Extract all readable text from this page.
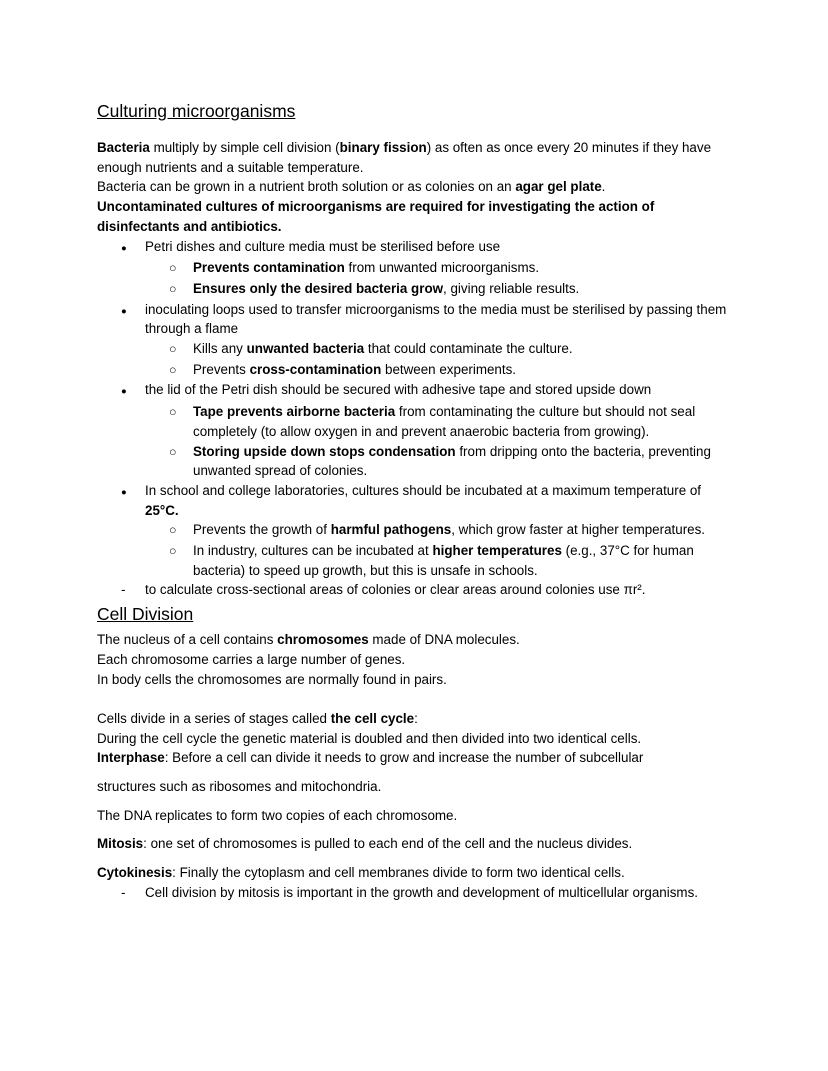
Culturing microorganisms

Bacteria multiply by simple cell division (binary fission) as often as once every 20 minutes if they have enough nutrients and a suitable temperature.

Bacteria can be grown in a nutrient broth solution or as colonies on an agar gel plate.

Uncontaminated cultures of microorganisms are required for investigating the action of disinfectants and antibiotics.

●	Petri dishes and culture media must be sterilised before use
○	Prevents contamination from unwanted microorganisms.
○	Ensures only the desired bacteria grow, giving reliable results.
●	inoculating loops used to transfer microorganisms to the media must be sterilised by passing them through a flame
○	Kills any unwanted bacteria that could contaminate the culture.
○	Prevents cross-contamination between experiments.
●	the lid of the Petri dish should be secured with adhesive tape and stored upside down
○	Tape prevents airborne bacteria from contaminating the culture but should not seal completely (to allow oxygen in and prevent anaerobic bacteria from growing).
○	Storing upside down stops condensation from dripping onto the bacteria, preventing unwanted spread of colonies.
●	In school and college laboratories, cultures should be incubated at a maximum temperature of 25°C.
○	Prevents the growth of harmful pathogens, which grow faster at higher temperatures.
○	In industry, cultures can be incubated at higher temperatures (e.g., 37°C for human bacteria) to speed up growth, but this is unsafe in schools.
-	to calculate cross-sectional areas of colonies or clear areas around colonies use πr².
Cell Division

The nucleus of a cell contains chromosomes made of DNA molecules.

Each chromosome carries a large number of genes.

In body cells the chromosomes are normally found in pairs.

Cells divide in a series of stages called the cell cycle:

During the cell cycle the genetic material is doubled and then divided into two identical cells.

Interphase: Before a cell can divide it needs to grow and increase the number of subcellular

structures such as ribosomes and mitochondria.

The DNA replicates to form two copies of each chromosome.

Mitosis: one set of chromosomes is pulled to each end of the cell and the nucleus divides.

Cytokinesis: Finally the cytoplasm and cell membranes divide to form two identical cells.

-	Cell division by mitosis is important in the growth and development of multicellular organisms.
